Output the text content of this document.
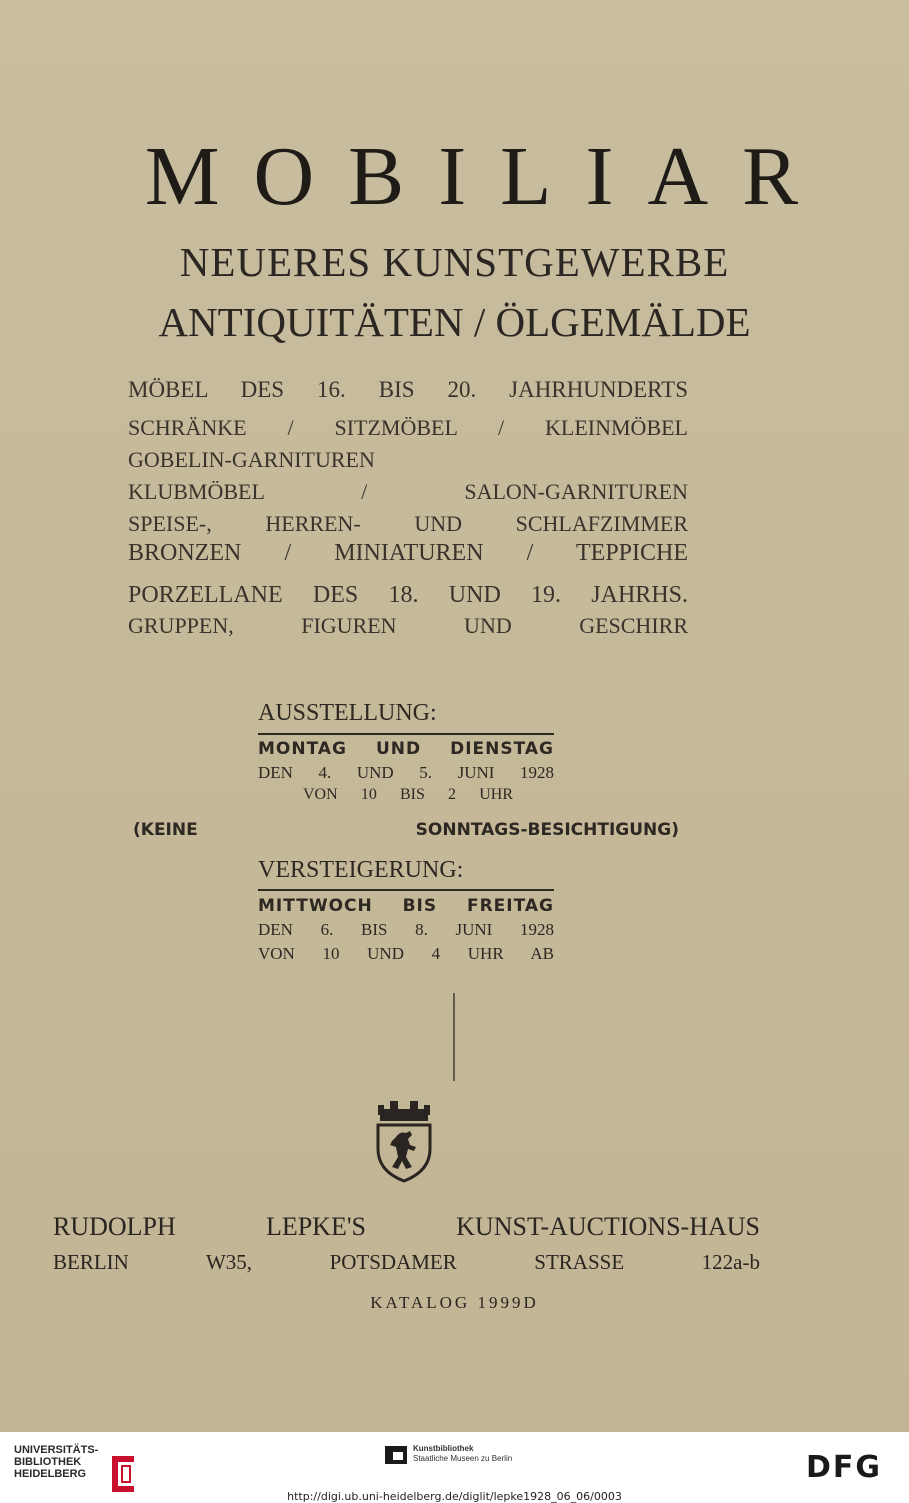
MOBILIAR
NEUERES KUNSTGEWERBE
ANTIQUITÄTEN / ÖLGEMÄLDE
MÖBEL DES 16. BIS 20. JAHRHUNDERTS
SCHRÄNKE / SITZMÖBEL / KLEINMÖBEL
GOBELIN-GARNITUREN
KLUBMÖBEL / SALON-GARNITUREN
SPEISE-, HERREN- UND SCHLAFZIMMER
BRONZEN / MINIATUREN / TEPPICHE
PORZELLANE DES 18. UND 19. JAHRHS.
GRUPPEN, FIGUREN UND GESCHIRR
AUSSTELLUNG:
MONTAG UND DIENSTAG
DEN 4. UND 5. JUNI 1928
VON 10 BIS 2 UHR
(KEINE SONNTAGS-BESICHTIGUNG)
VERSTEIGERUNG:
MITTWOCH BIS FREITAG
DEN 6. BIS 8. JUNI 1928
VON 10 UND 4 UHR AB
RUDOLPH LEPKE'S KUNST-AUCTIONS-HAUS
BERLIN W35, POTSDAMER STRASSE 122a-b
KATALOG 1999D
UNIVERSITÄTS-
BIBLIOTHEK
HEIDELBERG
Kunstbibliothek
Staatliche Museen zu Berlin	DFG
http://digi.ub.uni-heidelberg.de/diglit/lepke1928_06_06/0003
